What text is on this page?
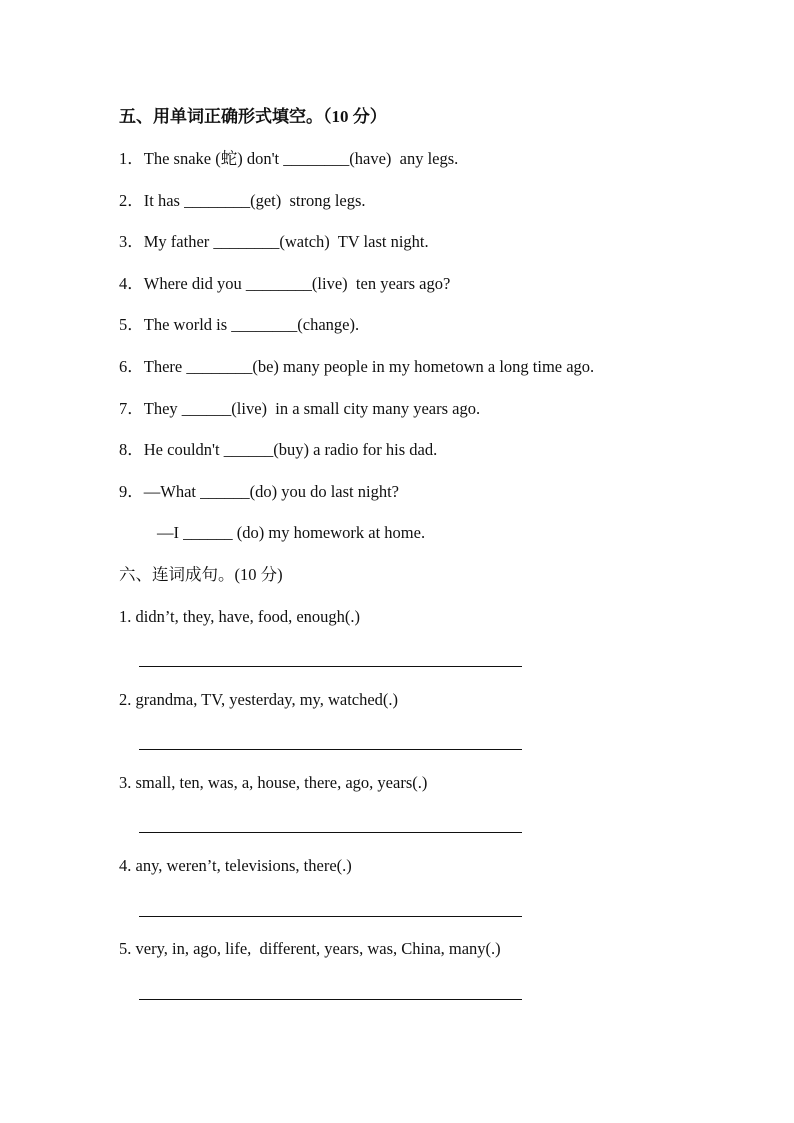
五、用单词正确形式填空。（10 分）
1．The snake (蛇) don't ________(have)  any legs.
2．It has ________(get)  strong legs.
3．My father ________(watch)  TV last night.
4．Where did you ________(live)  ten years ago?
5．The world is ________(change).
6．There ________(be) many people in my hometown a long time ago.
7．They ______(live)  in a small city many years ago.
8．He couldn't ______(buy) a radio for his dad.
9．—What ______(do) you do last night?
—I ______ (do) my homework at home.
六、连词成句。(10 分)
1. didn’t, they, have, food, enough(.)
2. grandma, TV, yesterday, my, watched(.)
3. small, ten, was, a, house, there, ago, years(.)
4. any, weren’t, televisions, there(.)
5. very, in, ago, life,  different, years, was, China, many(.)
